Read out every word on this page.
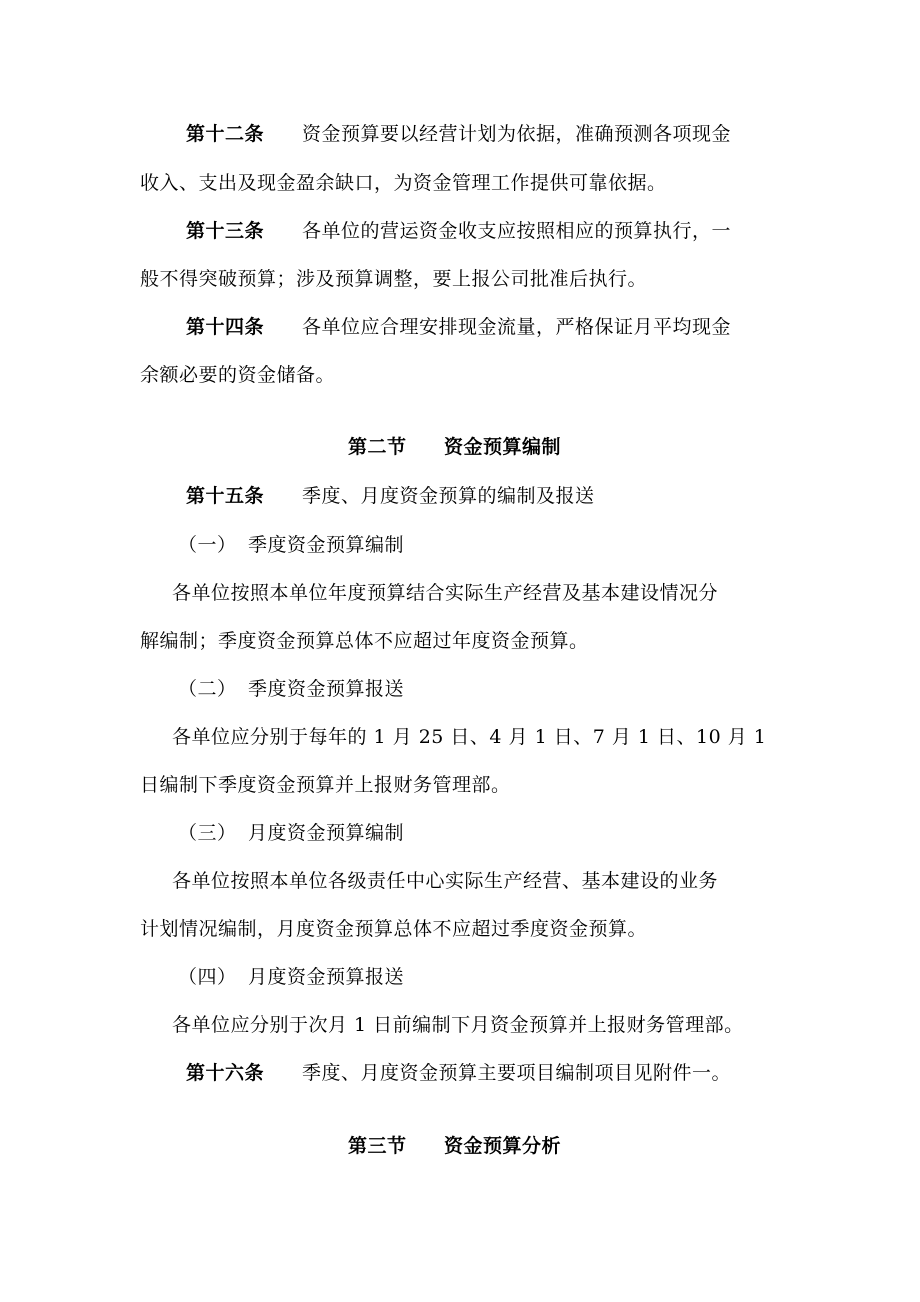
第十二条 资金预算要以经营计划为依据，准确预测各项现金
收入、支出及现金盈余缺口，为资金管理工作提供可靠依据。
第十三条 各单位的营运资金收支应按照相应的预算执行，一
般不得突破预算；涉及预算调整，要上报公司批准后执行。
第十四条 各单位应合理安排现金流量，严格保证月平均现金
余额必要的资金储备。
第二节 资金预算编制
第十五条 季度、月度资金预算的编制及报送
（一） 季度资金预算编制
各单位按照本单位年度预算结合实际生产经营及基本建设情况分
解编制；季度资金预算总体不应超过年度资金预算。
（二） 季度资金预算报送
各单位应分别于每年的 1 月 25 日、4 月 1 日、7 月 1 日、10 月 1
日编制下季度资金预算并上报财务管理部。
（三） 月度资金预算编制
各单位按照本单位各级责任中心实际生产经营、基本建设的业务
计划情况编制，月度资金预算总体不应超过季度资金预算。
（四） 月度资金预算报送
各单位应分别于次月 1 日前编制下月资金预算并上报财务管理部。
第十六条 季度、月度资金预算主要项目编制项目见附件一。
第三节 资金预算分析
